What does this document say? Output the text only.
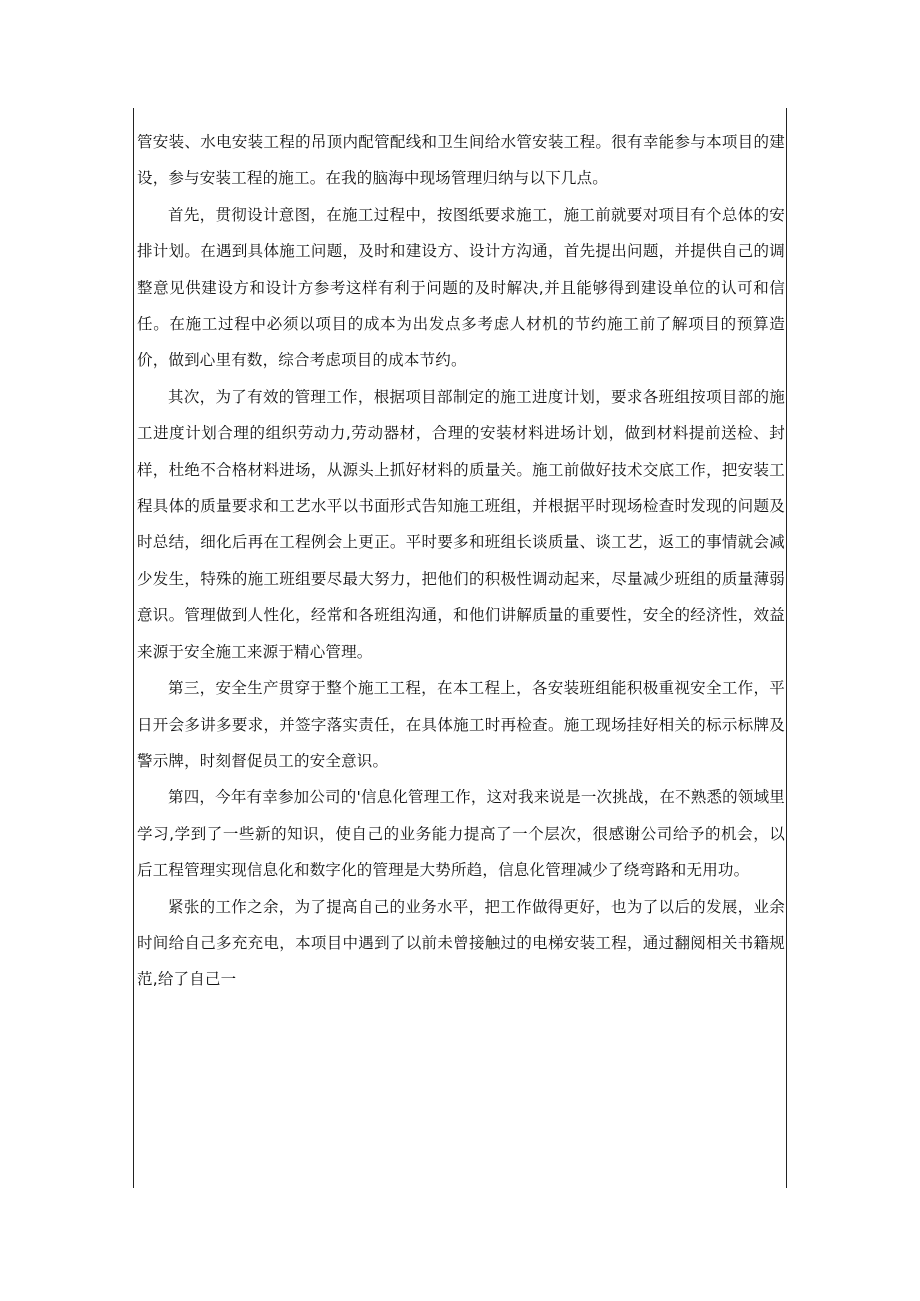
管安装、水电安装工程的吊顶内配管配线和卫生间给水管安装工程。很有幸能参与本项目的建设，参与安装工程的施工。在我的脑海中现场管理归纳与以下几点。

首先，贯彻设计意图，在施工过程中，按图纸要求施工，施工前就要对项目有个总体的安排计划。在遇到具体施工问题，及时和建设方、设计方沟通，首先提出问题，并提供自己的调整意见供建设方和设计方参考这样有利于问题的及时解决,并且能够得到建设单位的认可和信任。在施工过程中必须以项目的成本为出发点多考虑人材机的节约施工前了解项目的预算造价，做到心里有数，综合考虑项目的成本节约。

其次，为了有效的管理工作，根据项目部制定的施工进度计划，要求各班组按项目部的施工进度计划合理的组织劳动力,劳动器材，合理的安装材料进场计划，做到材料提前送检、封样，杜绝不合格材料进场，从源头上抓好材料的质量关。施工前做好技术交底工作，把安装工程具体的质量要求和工艺水平以书面形式告知施工班组，并根据平时现场检查时发现的问题及时总结，细化后再在工程例会上更正。平时要多和班组长谈质量、谈工艺，返工的事情就会减少发生，特殊的施工班组要尽最大努力，把他们的积极性调动起来，尽量减少班组的质量薄弱意识。管理做到人性化，经常和各班组沟通，和他们讲解质量的重要性，安全的经济性，效益来源于安全施工来源于精心管理。

第三，安全生产贯穿于整个施工工程，在本工程上，各安装班组能积极重视安全工作，平日开会多讲多要求，并签字落实责任，在具体施工时再检查。施工现场挂好相关的标示标牌及警示牌，时刻督促员工的安全意识。

第四，今年有幸参加公司的'信息化管理工作，这对我来说是一次挑战，在不熟悉的领域里学习,学到了一些新的知识，使自己的业务能力提高了一个层次，很感谢公司给予的机会，以后工程管理实现信息化和数字化的管理是大势所趋，信息化管理减少了绕弯路和无用功。

紧张的工作之余，为了提高自己的业务水平，把工作做得更好，也为了以后的发展，业余时间给自己多充充电，本项目中遇到了以前未曾接触过的电梯安装工程，通过翻阅相关书籍规范,给了自己一
